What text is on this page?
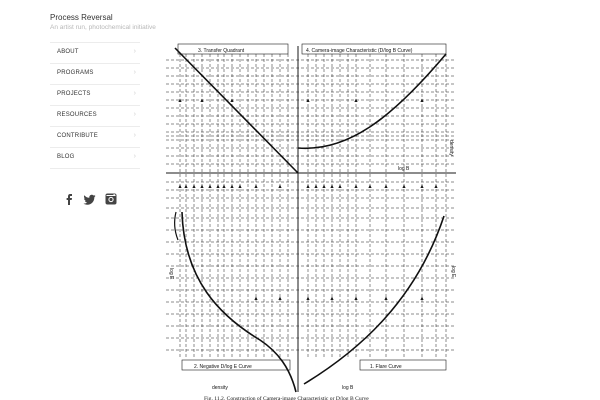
Process Reversal

An artist run, photochemical initiative

ABOUT	›
PROGRAMS	›
PROJECTS	›
RESOURCES	›
CONTRIBUTE	›
BLOG	›
3. Transfer Quadrant	4. Camera-image Characteristic (D/log B Curve)
2. Negative D/log E Curve	1. Flare Curve
log B
density
log E	log E
density	log B
Fig. 11.2. Construction of Camera-image Characteristic or D/log B Curve
